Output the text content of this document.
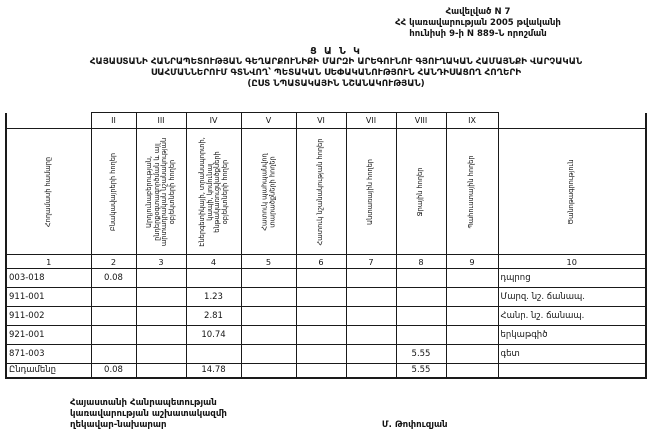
Հավելված N 7
ՀՀ կառավարության 2005 թվականի
հունիսի 9-ի N 889-Ն որոշման
Ց Ա Ն Կ
ՀԱՅԱՍՏԱՆԻ ՀԱՆՐԱՊԵՏՈՒԹՅԱՆ ԳԵՂԱՐՔՈՒՆԻՔԻ ՄԱՐԶԻ ԱՐԵԳՈՒՆՈՒ ԳՅՈՒՂԱԿԱՆ ՀԱՄԱՅՆՔԻ ՎԱՐՉԱԿԱՆ
ՍԱՀՄԱՆՆԵՐՈՒՄ ԳՏՆՎՈՂ՝ ՊԵՏԱԿԱՆ ՍԵՓԱԿԱՆՈՒԹՅՈՒՆ ՀԱՆԴԻՍԱՑՈՂ ՀՈՂԵՐԻ
(ԸՍՏ ՆՊԱՏԱԿԱՅԻՆ ՆՇԱՆԱԿՈՒԹՅԱՆ)
	II	III	IV	V	VI	VII	VIII	IX	

Հողամասի համարը	Բնակավայրերի հողեր	Արդյունաբերության, ընդերքօգտագործման և այլ արտադրական նշանակության օբյեկտների հողեր	Էներգետիկայի, տրանսպորտի, կապի, կոմունալ ենթակառուցվածքների օբյեկտների հողեր	Հատուկ պահպանվող տարածքների հողեր	Հատուկ նշանակության հողեր	Անտառային հողեր	Ջրային հողեր	Պահուստային հողեր	Ծանոթագրություն

1	2	3	4	5	6	7	8	9	10
003-018	0.08								դպրոց
911-001			1.23						Մարզ. նշ. ճանապ.
911-002			2.81						Հանր. նշ. ճանապ.
921-001			10.74						երկաթգիծ
871-003							5.55		գետ
Ընդամենը	0.08		14.78				5.55		
Հայաստանի Հանրապետության
կառավարության աշխատակազմի
ղեկավար-նախարար	Մ. Թոփուզյան
